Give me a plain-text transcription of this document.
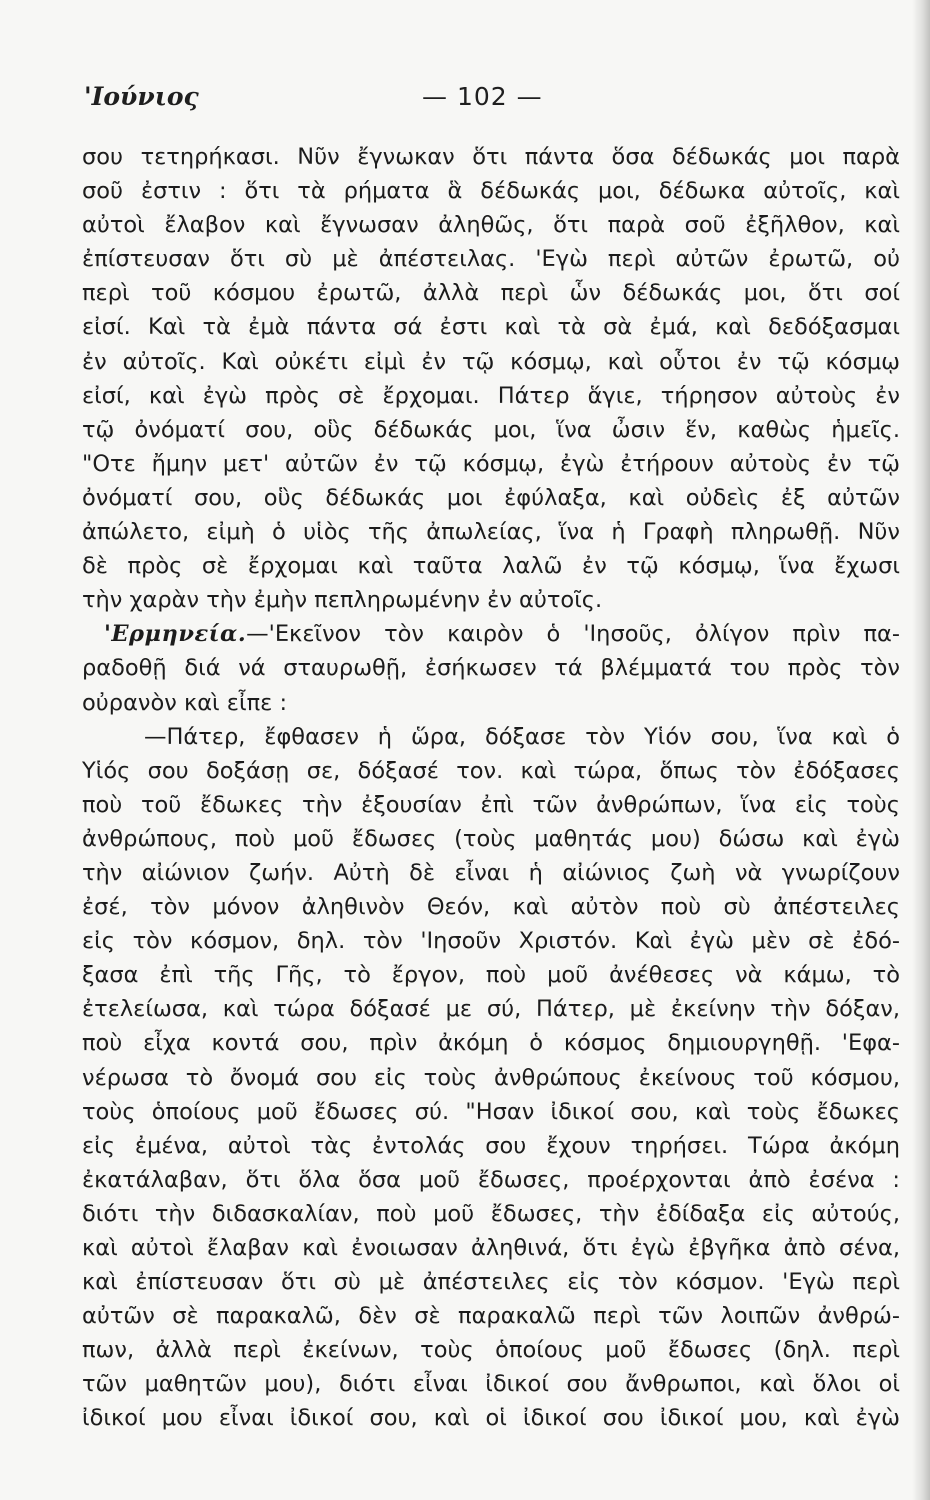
'Ιούνιος	— 102 —
σου τετηρήκασι. Νῦν ἔγνωκαν ὅτι πάντα ὅσα δέδωκάς μοι παρὰ
σοῦ ἐστιν : ὅτι τὰ ρήματα ἃ δέδωκάς μοι, δέδωκα αὐτοῖς, καὶ
αὐτοὶ ἔλαβον καὶ ἔγνωσαν ἀληθῶς, ὅτι παρὰ σοῦ ἐξῆλθον, καὶ
ἐπίστευσαν ὅτι σὺ μὲ ἀπέστειλας. 'Εγὼ περὶ αὐτῶν ἐρωτῶ, οὐ
περὶ τοῦ κόσμου ἐρωτῶ, ἀλλὰ περὶ ὧν δέδωκάς μοι, ὅτι σοί
εἰσί. Καὶ τὰ ἐμὰ πάντα σά ἐστι καὶ τὰ σὰ ἐμά, καὶ δεδόξασμαι
ἐν αὐτοῖς. Καὶ οὐκέτι εἰμὶ ἐν τῷ κόσμῳ, καὶ οὗτοι ἐν τῷ κόσμῳ
εἰσί, καὶ ἐγὼ πρὸς σὲ ἔρχομαι. Πάτερ ἅγιε, τήρησον αὐτοὺς ἐν
τῷ ὀνόματί σου, οὓς δέδωκάς μοι, ἵνα ὦσιν ἕν, καθὼς ἡμεῖς.
"Οτε ἤμην μετ' αὐτῶν ἐν τῷ κόσμῳ, ἐγὼ ἐτήρουν αὐτοὺς ἐν τῷ
ὀνόματί σου, οὓς δέδωκάς μοι ἐφύλαξα, καὶ οὐδεὶς ἐξ αὐτῶν
ἀπώλετο, εἰμὴ ὁ υἱὸς τῆς ἀπωλείας, ἵνα ἡ Γραφὴ πληρωθῇ. Νῦν
δὲ πρὸς σὲ ἔρχομαι καὶ ταῦτα λαλῶ ἐν τῷ κόσμῳ, ἵνα ἔχωσι
τὴν χαρὰν τὴν ἐμὴν πεπληρωμένην ἐν αὐτοῖς.
'Ερμηνεία.—'Εκεῖνον τὸν καιρὸν ὁ 'Ιησοῦς, ὀλίγον πρὶν πα-
ραδοθῇ διά νά σταυρωθῇ, ἐσήκωσεν τά βλέμματά του πρὸς τὸν
οὐρανὸν καὶ εἶπε :
—Πάτερ, ἔφθασεν ἡ ὥρα, δόξασε τὸν Υἱόν σου, ἵνα καὶ ὁ
Υἱός σου δοξάσῃ σε, δόξασέ τον. καὶ τώρα, ὅπως τὸν ἐδόξασες
ποὺ τοῦ ἔδωκες τὴν ἐξουσίαν ἐπὶ τῶν ἀνθρώπων, ἵνα εἰς τοὺς
ἀνθρώπους, ποὺ μοῦ ἔδωσες (τοὺς μαθητάς μου) δώσω καὶ ἐγὼ
τὴν αἰώνιον ζωήν. Αὐτὴ δὲ εἶναι ἡ αἰώνιος ζωὴ νὰ γνωρίζουν
ἐσέ, τὸν μόνον ἀληθινὸν Θεόν, καὶ αὐτὸν ποὺ σὺ ἀπέστειλες
εἰς τὸν κόσμον, δηλ. τὸν 'Ιησοῦν Χριστόν. Καὶ ἐγὼ μὲν σὲ ἐδό-
ξασα ἐπὶ τῆς Γῆς, τὸ ἔργον, ποὺ μοῦ ἀνέθεσες νὰ κάμω, τὸ
ἐτελείωσα, καὶ τώρα δόξασέ με σύ, Πάτερ, μὲ ἐκείνην τὴν δόξαν,
ποὺ εἶχα κοντά σου, πρὶν ἀκόμη ὁ κόσμος δημιουργηθῇ. 'Εφα-
νέρωσα τὸ ὄνομά σου εἰς τοὺς ἀνθρώπους ἐκείνους τοῦ κόσμου,
τοὺς ὁποίους μοῦ ἔδωσες σύ. "Ησαν ἰδικοί σου, καὶ τοὺς ἔδωκες
εἰς ἐμένα, αὐτοὶ τὰς ἐντολάς σου ἔχουν τηρήσει. Τώρα ἀκόμη
ἐκατάλαβαν, ὅτι ὅλα ὅσα μοῦ ἔδωσες, προέρχονται ἀπὸ ἐσένα :
διότι τὴν διδασκαλίαν, ποὺ μοῦ ἔδωσες, τὴν ἐδίδαξα εἰς αὐτούς,
καὶ αὐτοὶ ἔλαβαν καὶ ἐνοιωσαν ἀληθινά, ὅτι ἐγὼ ἐβγῆκα ἀπὸ σένα,
καὶ ἐπίστευσαν ὅτι σὺ μὲ ἀπέστειλες εἰς τὸν κόσμον. 'Εγὼ περὶ
αὐτῶν σὲ παρακαλῶ, δὲν σὲ παρακαλῶ περὶ τῶν λοιπῶν ἀνθρώ-
πων, ἀλλὰ περὶ ἐκείνων, τοὺς ὁποίους μοῦ ἔδωσες (δηλ. περὶ
τῶν μαθητῶν μου), διότι εἶναι ἰδικοί σου ἄνθρωποι, καὶ ὅλοι οἱ
ἰδικοί μου εἶναι ἰδικοί σου, καὶ οἱ ἰδικοί σου ἰδικοί μου, καὶ ἐγὼ
